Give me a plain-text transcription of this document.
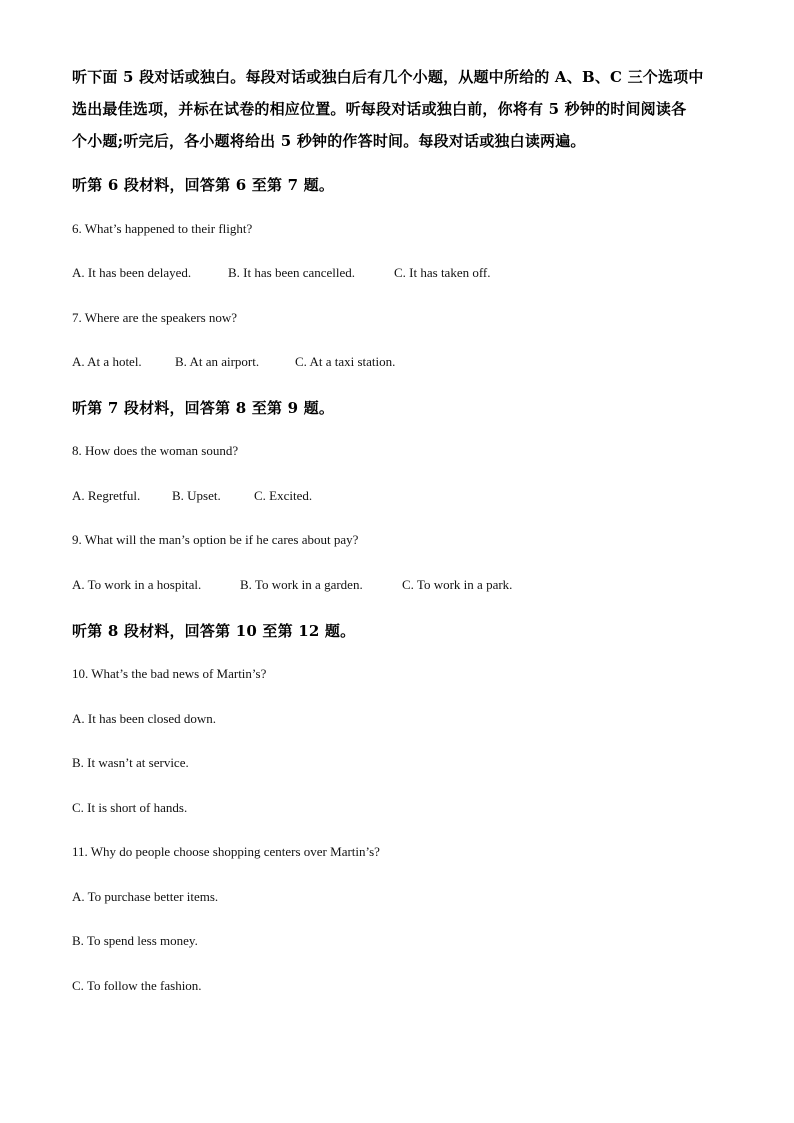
听下面 5 段对话或独白。每段对话或独白后有几个小题，从题中所给的 A、B、C 三个选项中
选出最佳选项，并标在试卷的相应位置。听每段对话或独白前，你将有 5 秒钟的时间阅读各
个小题;听完后，各小题将给出 5 秒钟的作答时间。每段对话或独白读两遍。
听第 6 段材料，回答第 6 至第 7 题。
6. What’s happened to their flight?
A. It has been delayed.	B. It has been cancelled.	C. It has taken off.
7. Where are the speakers now?
A. At a hotel.	B. At an airport.	C. At a taxi station.
听第 7 段材料，回答第 8 至第 9 题。
8. How does the woman sound?
A. Regretful. B. Upset.	C. Excited.
9. What will the man’s option be if he cares about pay?
A. To work in a hospital.	B. To work in a garden.	C. To work in a park.
听第 8 段材料，回答第 10 至第 12 题。
10. What’s the bad news of Martin’s?
A. It has been closed down.
B. It wasn’t at service.
C. It is short of hands.
11. Why do people choose shopping centers over Martin’s?
A. To purchase better items.
B. To spend less money.
C. To follow the fashion.
